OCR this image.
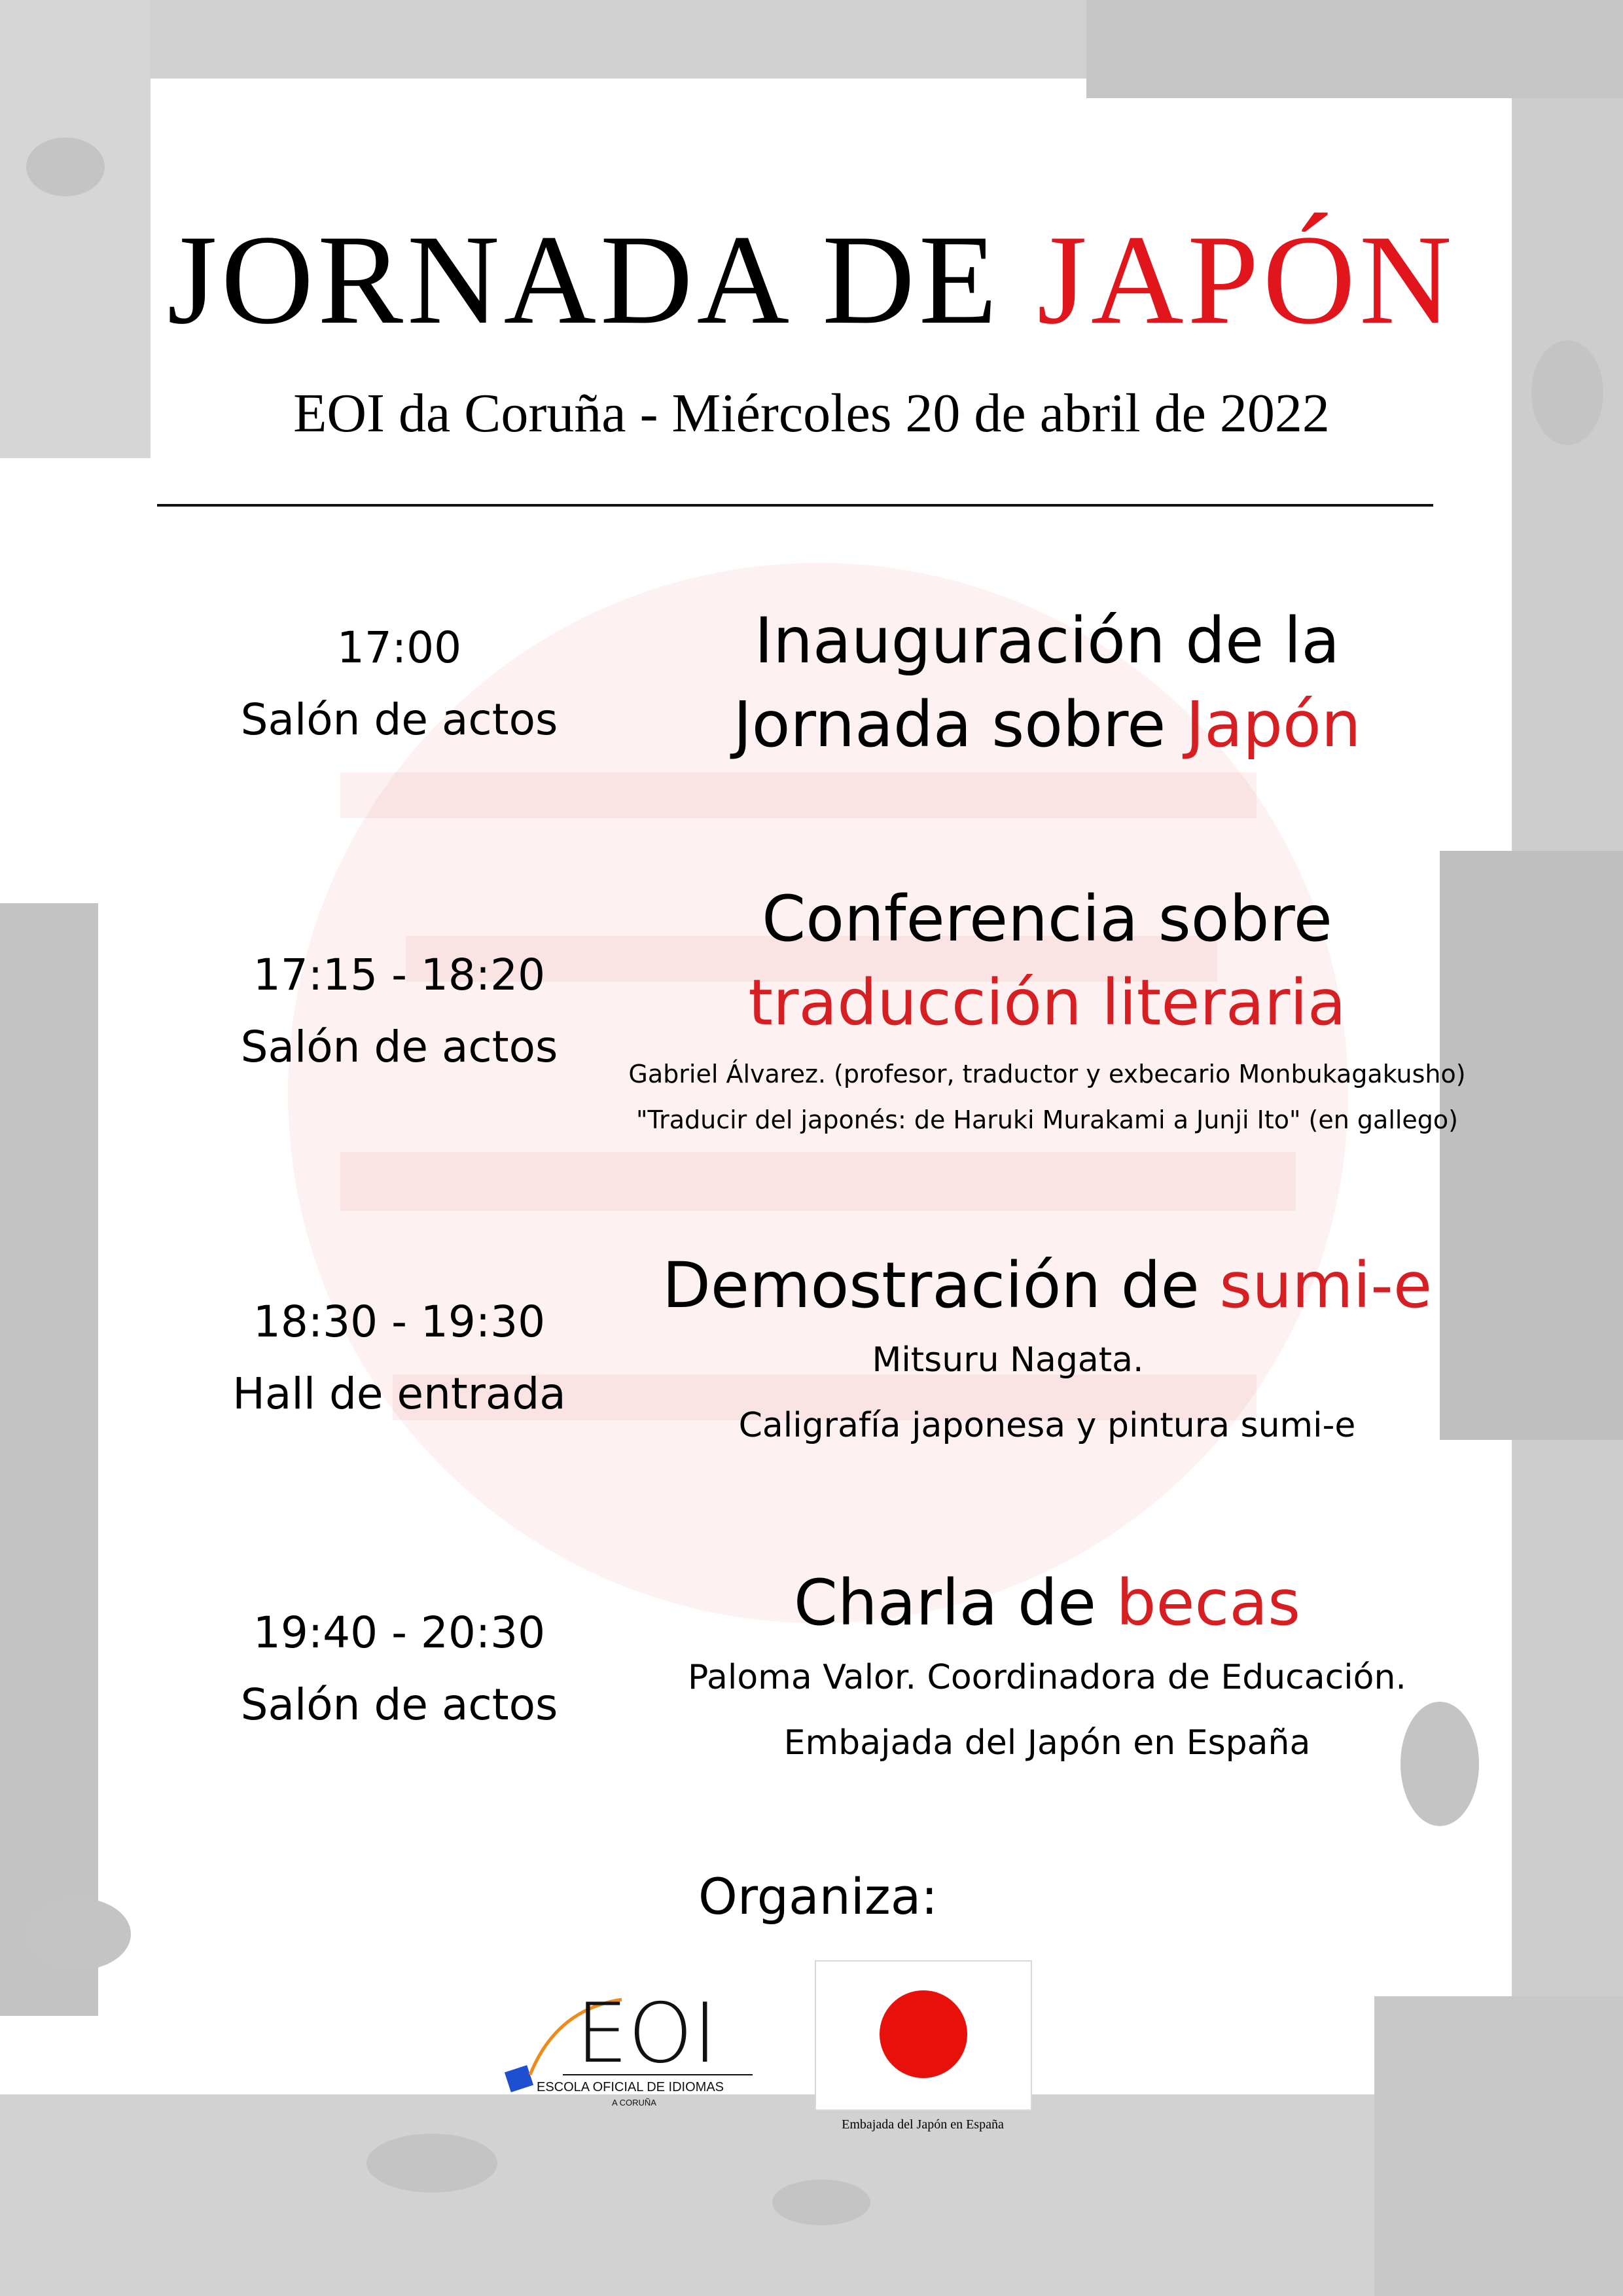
JORNADA DE JAPÓN
EOI da Coruña - Miércoles 20 de abril de 2022
17:00
Salón de actos
Inauguración de la
Jornada sobre Japón
17:15 - 18:20
Salón de actos
Conferencia sobre
traducción literaria
Gabriel Álvarez. (profesor, traductor y exbecario Monbukagakusho)
"Traducir del japonés: de Haruki Murakami a Junji Ito" (en gallego)
18:30 - 19:30
Hall de entrada
Demostración de sumi-e
Mitsuru Nagata.
Caligrafía japonesa y pintura sumi-e
19:40 - 20:30
Salón de actos
Charla de becas
Paloma Valor. Coordinadora de Educación.
Embajada del Japón en España
Organiza:
EOI
ESCOLA OFICIAL DE IDIOMAS
A CORUÑA
Embajada del Japón en España
